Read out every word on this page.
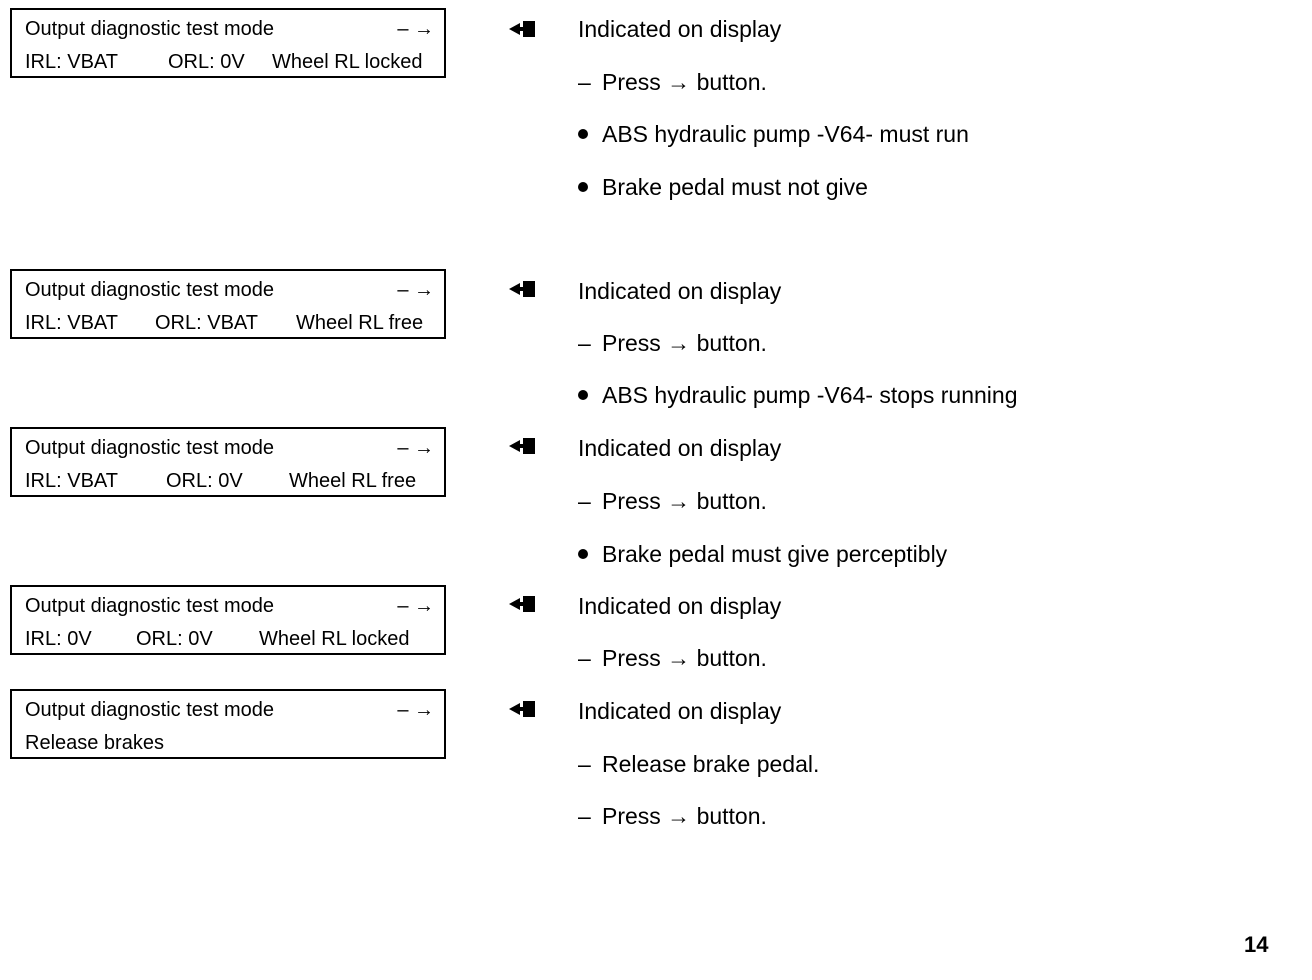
Output diagnostic test mode	– →
IRL: VBAT	ORL: 0V Wheel RL locked
Indicated on display
– Press → button.
ABS hydraulic pump -V64- must run
Brake pedal must not give
Output diagnostic test mode	– →
IRL: VBAT ORL: VBAT Wheel RL free
Indicated on display
– Press → button.
ABS hydraulic pump -V64- stops running
Output diagnostic test mode	– →
IRL: VBAT ORL: 0V Wheel RL free
Indicated on display
– Press → button.
Brake pedal must give perceptibly
Output diagnostic test mode	– →
IRL: 0V ORL: 0V Wheel RL locked
Indicated on display
– Press → button.
Output diagnostic test mode	– →
Release brakes
Indicated on display
– Release brake pedal.
– Press → button.
14
